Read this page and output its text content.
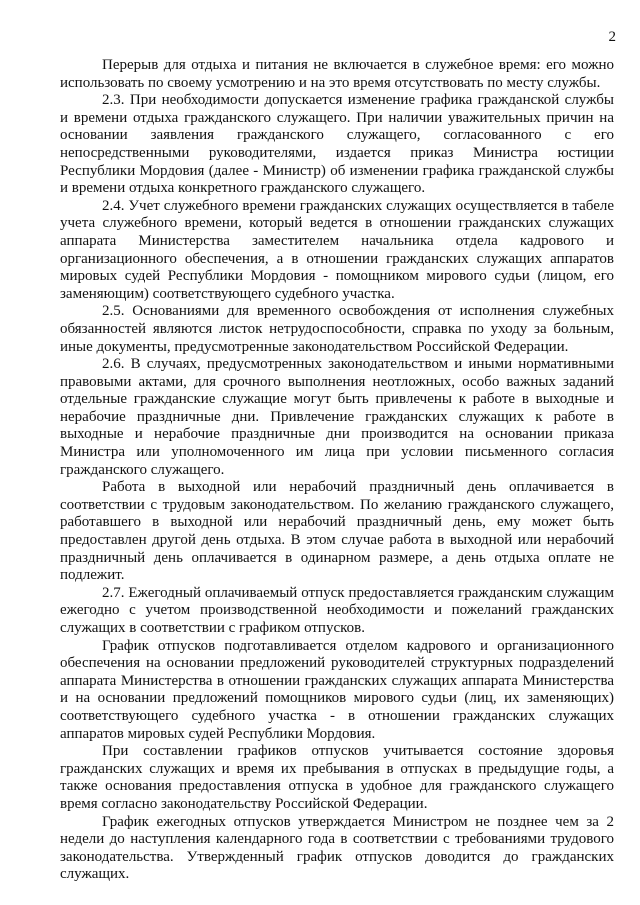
2

Перерыв для отдыха и питания не включается в служебное время: его можно использовать по своему усмотрению и на это время отсутствовать по месту службы.

2.3. При необходимости допускается изменение графика гражданской службы и времени отдыха гражданского служащего. При наличии уважительных причин на основании заявления гражданского служащего, согласованного с его непосредственными руководителями, издается приказ Министра юстиции Республики Мордовия (далее - Министр) об изменении графика гражданской службы и времени отдыха конкретного гражданского служащего.

2.4. Учет служебного времени гражданских служащих осуществляется в табеле учета служебного времени, который ведется в отношении гражданских служащих аппарата Министерства заместителем начальника отдела кадрового и организационного обеспечения, а в отношении гражданских служащих аппаратов мировых судей Республики Мордовия - помощником мирового судьи (лицом, его заменяющим) соответствующего судебного участка.

2.5. Основаниями для временного освобождения от исполнения служебных обязанностей являются листок нетрудоспособности, справка по уходу за больным, иные документы, предусмотренные законодательством Российской Федерации.

2.6. В случаях, предусмотренных законодательством и иными нормативными правовыми актами, для срочного выполнения неотложных, особо важных заданий отдельные гражданские служащие могут быть привлечены к работе в выходные и нерабочие праздничные дни. Привлечение гражданских служащих к работе в выходные и нерабочие праздничные дни производится на основании приказа Министра или уполномоченного им лица при условии письменного согласия гражданского служащего.

Работа в выходной или нерабочий праздничный день оплачивается в соответствии с трудовым законодательством. По желанию гражданского служащего, работавшего в выходной или нерабочий праздничный день, ему может быть предоставлен другой день отдыха. В этом случае работа в выходной или нерабочий праздничный день оплачивается в одинарном размере, а день отдыха оплате не подлежит.

2.7. Ежегодный оплачиваемый отпуск предоставляется гражданским служащим ежегодно с учетом производственной необходимости и пожеланий гражданских служащих в соответствии с графиком отпусков.

График отпусков подготавливается отделом кадрового и организационного обеспечения на основании предложений руководителей структурных подразделений аппарата Министерства в отношении гражданских служащих аппарата Министерства и на основании предложений помощников мирового судьи (лиц, их заменяющих) соответствующего судебного участка - в отношении гражданских служащих аппаратов мировых судей Республики Мордовия.

При составлении графиков отпусков учитывается состояние здоровья гражданских служащих и время их пребывания в отпусках в предыдущие годы, а также основания предоставления отпуска в удобное для гражданского служащего время согласно законодательству Российской Федерации.

График ежегодных отпусков утверждается Министром не позднее чем за 2 недели до наступления календарного года в соответствии с требованиями трудового законодательства. Утвержденный график отпусков доводится до гражданских служащих.
